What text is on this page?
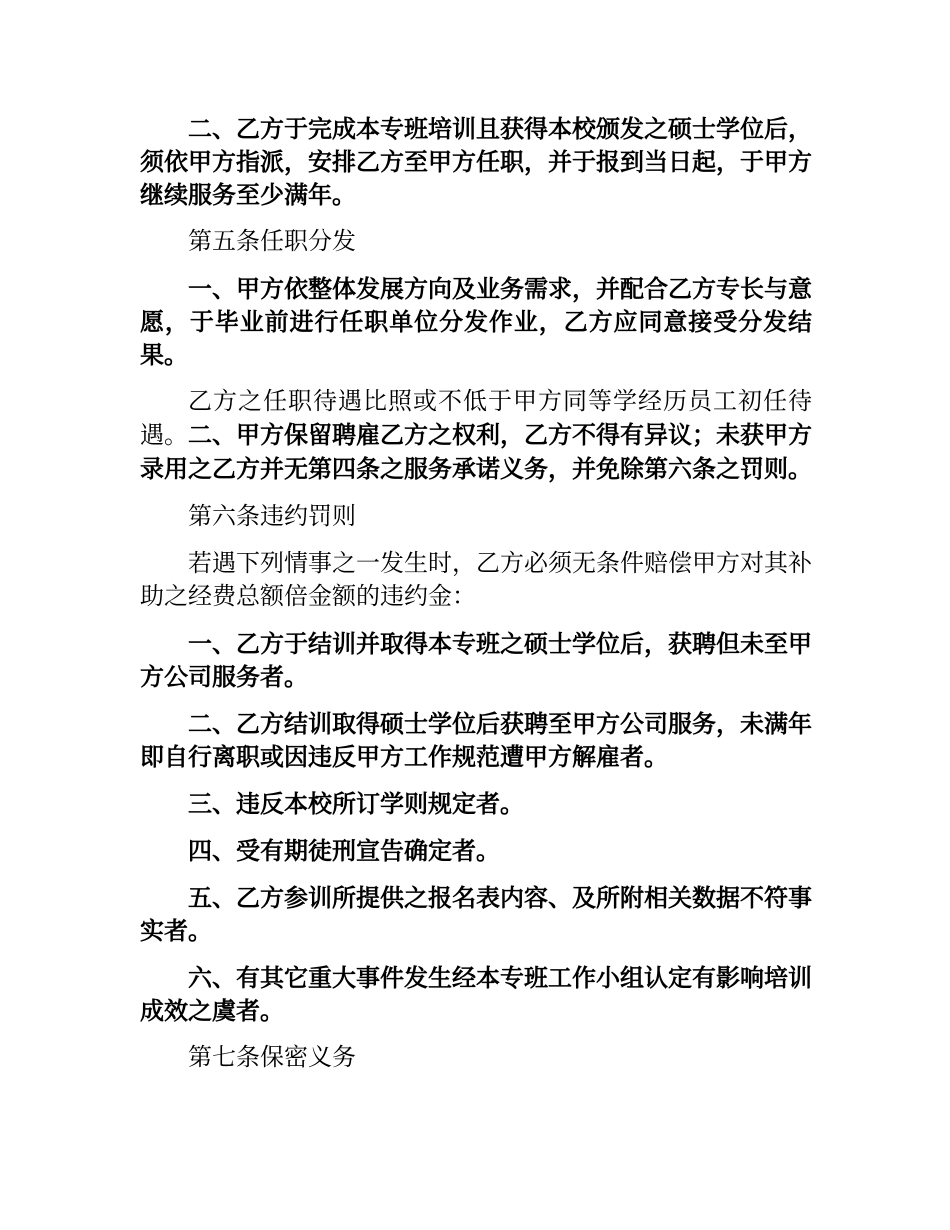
二、乙方于完成本专班培训且获得本校颁发之硕士学位后，须依甲方指派，安排乙方至甲方任职，并于报到当日起，于甲方继续服务至少满年。

第五条任职分发

一、甲方依整体发展方向及业务需求，并配合乙方专长与意愿，于毕业前进行任职单位分发作业，乙方应同意接受分发结果。

乙方之任职待遇比照或不低于甲方同等学经历员工初任待遇。二、甲方保留聘雇乙方之权利，乙方不得有异议；未获甲方录用之乙方并无第四条之服务承诺义务，并免除第六条之罚则。

第六条违约罚则

若遇下列情事之一发生时，乙方必须无条件赔偿甲方对其补助之经费总额倍金额的违约金：

一、乙方于结训并取得本专班之硕士学位后，获聘但未至甲方公司服务者。

二、乙方结训取得硕士学位后获聘至甲方公司服务，未满年即自行离职或因违反甲方工作规范遭甲方解雇者。

三、违反本校所订学则规定者。

四、受有期徒刑宣告确定者。

五、乙方参训所提供之报名表内容、及所附相关数据不符事实者。

六、有其它重大事件发生经本专班工作小组认定有影响培训成效之虞者。

第七条保密义务
